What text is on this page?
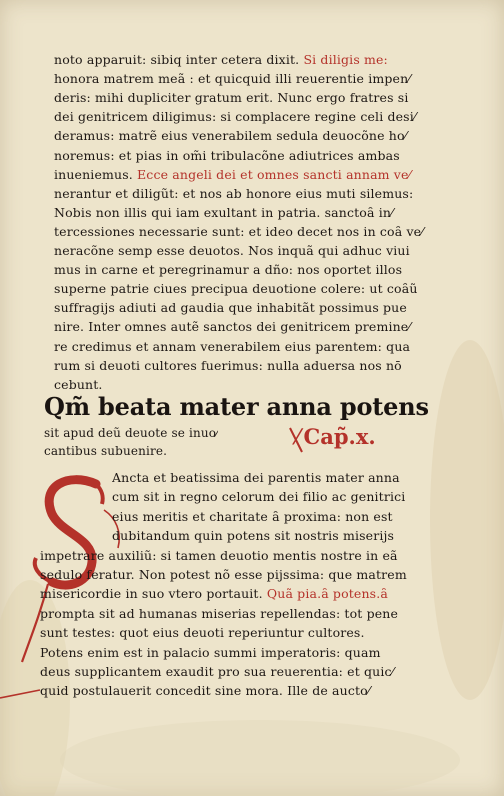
noto apparuit: sibiq inter cetera dixit. Si diligis me:
honora matrem meã : et quicquid illi reuerentie impen⁄
deris: mihi dupliciter gratum erit. Nunc ergo fratres si
dei genitricem diligimus: si complacere regine celi desi⁄
deramus: matrẽ eius venerabilem sedula deuocõne ho⁄
noremus: et pias in om̃i tribulacõne adiutrices ambas
inueniemus. Ecce angeli dei et omnes sancti annam ve⁄
nerantur et diligũt: et nos ab honore eius muti silemus:
Nobis non illis qui iam exultant in patria. sanctoȃ in⁄
tercessiones necessarie sunt: et ideo decet nos in coȃ ve⁄
neracõne semp esse deuotos. Nos inquã qui adhuc viui
mus in carne et peregrinamur a dño: nos oportet illos
superne patrie ciues precipua deuotione colere: ut coȃũ
suffragijs adiuti ad gaudia que inhabitãt possimus pue
nire. Inter omnes autẽ sanctos dei genitricem premine⁄
re credimus et annam venerabilem eius parentem: qua
rum si deuoti cultores fuerimus: nulla aduersa nos nō
cebunt.
Qm̃ beata mater anna potens
sit apud deũ deuote se inuo⁄
cantibus subuenire.
⁄ Cap̃.x.
Ancta et beatissima dei parentis mater anna
cum sit in regno celorum dei filio ac genitrici
eius meritis et charitate ȃ proxima: non est
dubitandum quin potens sit nostris miserijs
impetrare auxiliũ: si tamen deuotio mentis nostre in eã
sedulo feratur. Non potest nõ esse pijssima: que matrem
misericordie in suo vtero portauit. Quã pia.ȃ potens.ȃ
prompta sit ad humanas miserias repellendas: tot pene
sunt testes: quot eius deuoti reperiuntur cultores.
Potens enim est in palacio summi imperatoris: quam
deus supplicantem exaudit pro sua reuerentia: et quic⁄
quid postulauerit concedit sine mora. Ille de aucto⁄
